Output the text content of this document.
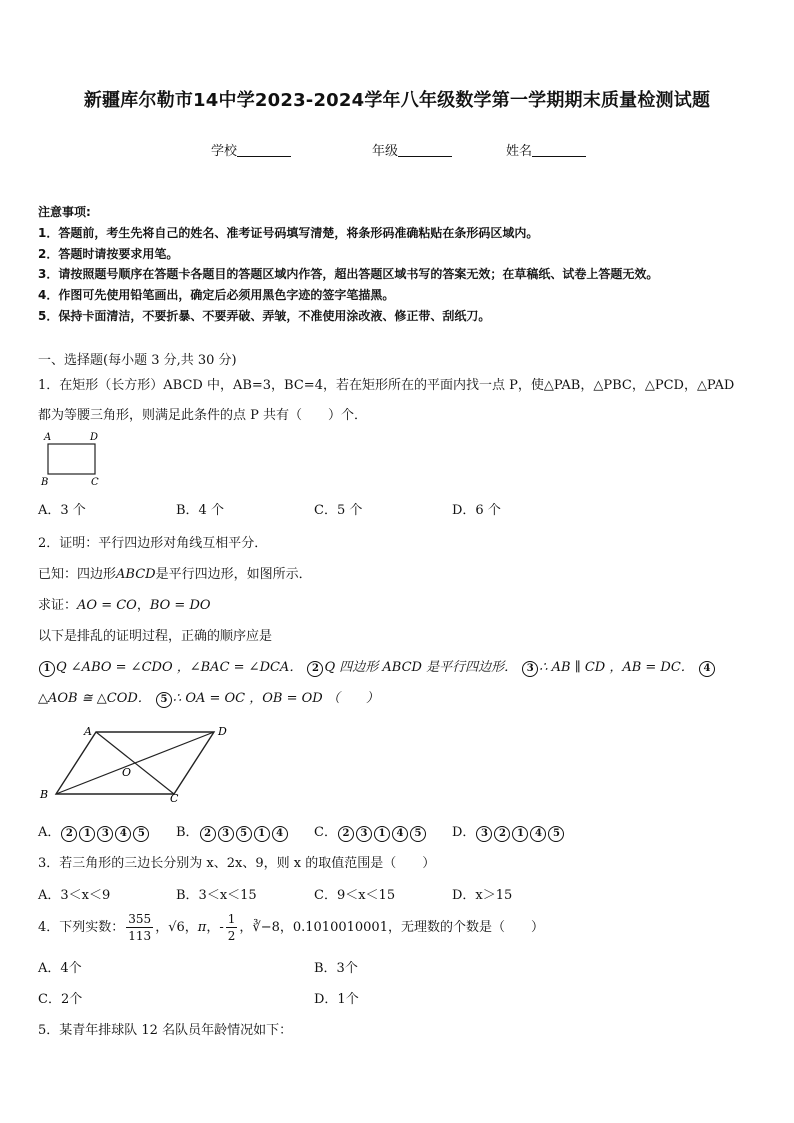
新疆库尔勒市14中学2023-2024学年八年级数学第一学期期末质量检测试题
学校	年级	姓名
注意事项:
1．答题前，考生先将自己的姓名、准考证号码填写清楚，将条形码准确粘贴在条形码区域内。
2．答题时请按要求用笔。
3．请按照题号顺序在答题卡各题目的答题区域内作答，超出答题区域书写的答案无效；在草稿纸、试卷上答题无效。
4．作图可先使用铅笔画出，确定后必须用黑色字迹的签字笔描黑。
5．保持卡面清洁，不要折暴、不要弄破、弄皱，不准使用涂改液、修正带、刮纸刀。
一、选择题(每小题 3 分,共 30 分)
1．在矩形（长方形）ABCD 中，AB=3，BC=4，若在矩形所在的平面内找一点 P，使△PAB，△PBC，△PCD，△PAD
都为等腰三角形，则满足此条件的点 P 共有（　　）个．
A	D
B	C
A．3 个	B．4 个	C．5 个	D．6 个
2．证明：平行四边形对角线互相平分．
已知：四边形ABCD是平行四边形，如图所示．
求证：AO = CO，BO = DO
以下是排乱的证明过程，正确的顺序应是
1 Q ∠ABO = ∠CDO ，∠BAC = ∠DCA． 2 Q 四边形 ABCD 是平行四边形． 3 ∴ AB ∥ CD ，AB = DC． 4
△AOB ≅ △COD． 5 ∴ OA = OC ，OB = OD （　　）
A	D
B	C
O
A． 2 1 3 4 5	B． 2 3 5 1 4	C． 2 3 1 4 5	D． 3 2 1 4 5
3．若三角形的三边长分别为 x、2x、9，则 x 的取值范围是（　　）
A．3＜x＜9	B．3＜x＜15	C．9＜x＜15	D．x＞15
4．下列实数： $\frac{355}{113}$ ，√6，π，- $\frac{1}{2}$ ，∛−8，0.1010010001，无理数的个数是（　　）
A．4个	B．3个
C．2个	D．1个
5．某青年排球队 12 名队员年龄情况如下：
